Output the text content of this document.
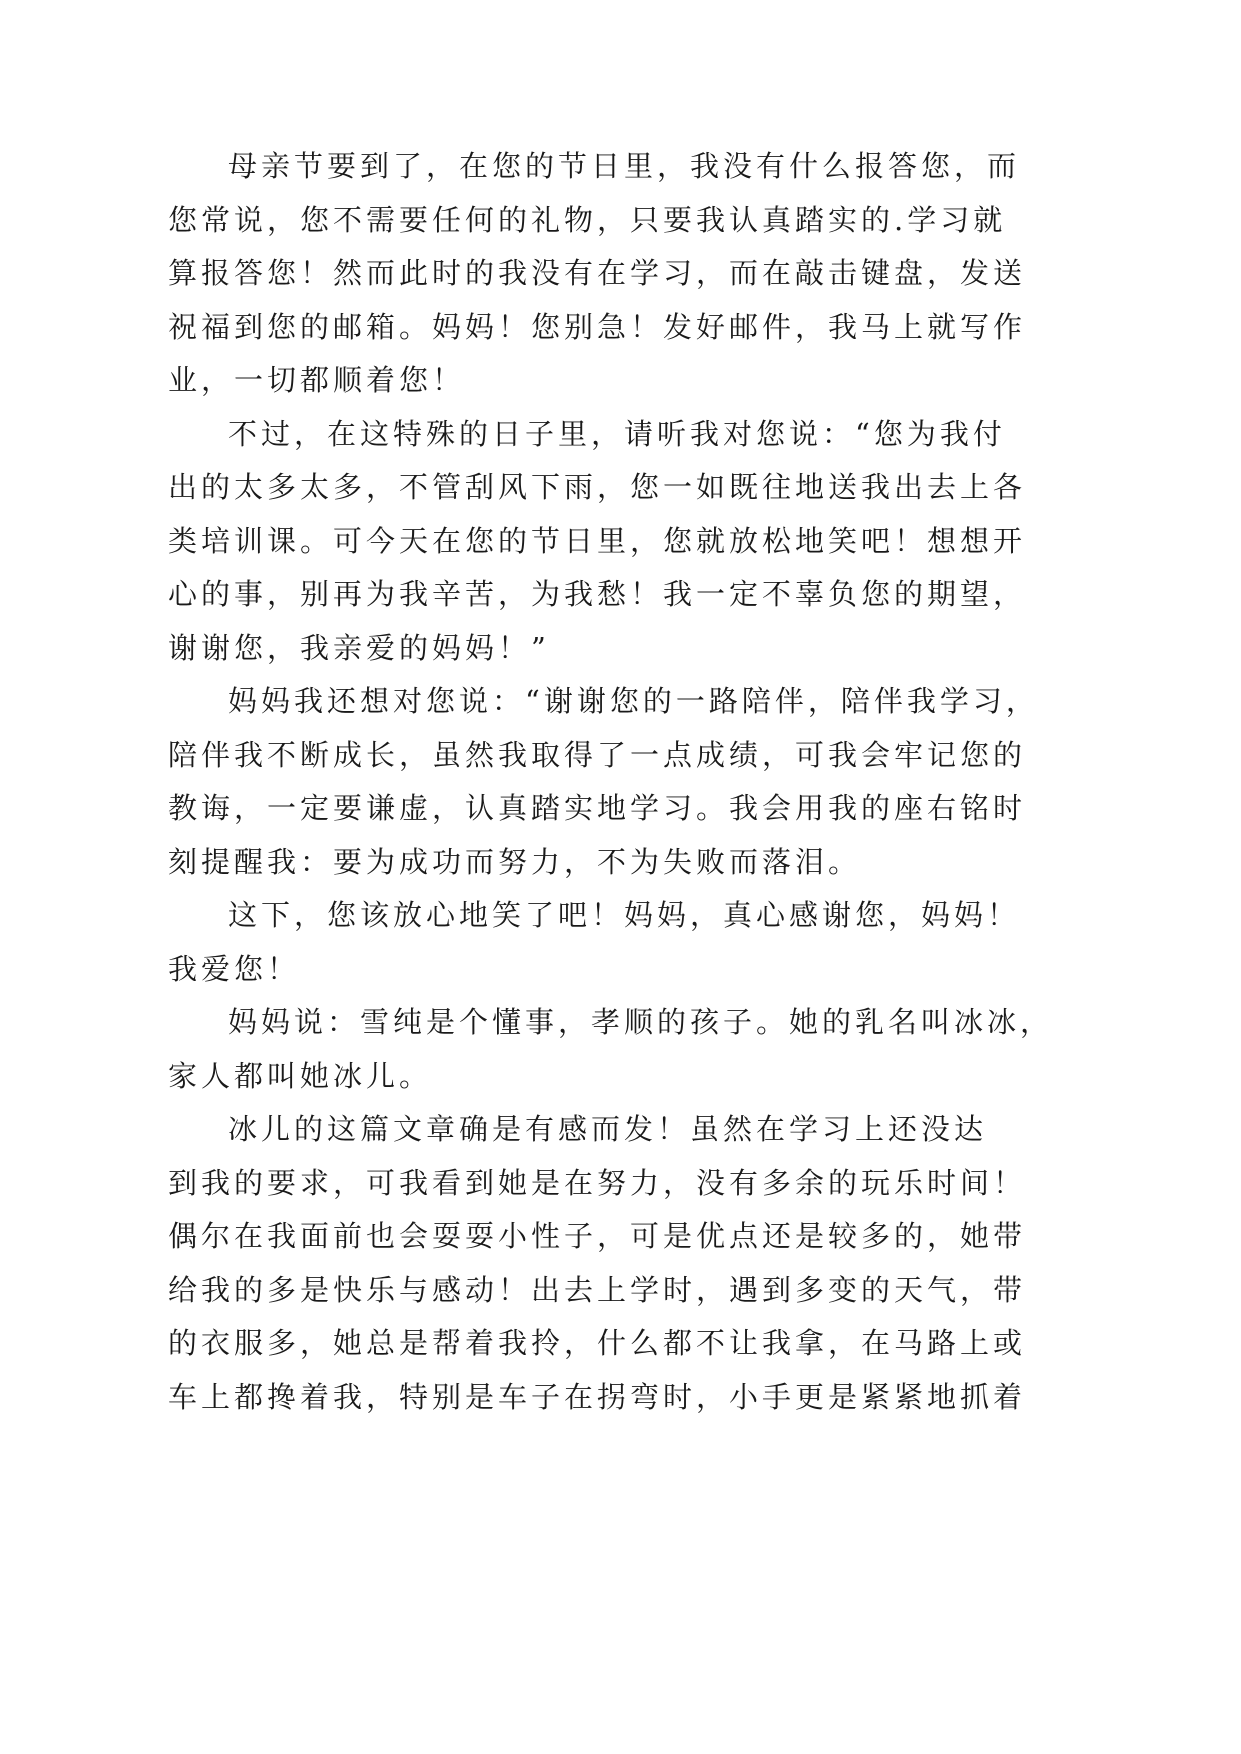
母亲节要到了，在您的节日里，我没有什么报答您，而
您常说，您不需要任何的礼物，只要我认真踏实的.学习就
算报答您！然而此时的我没有在学习，而在敲击键盘，发送
祝福到您的邮箱。妈妈！您别急！发好邮件，我马上就写作
业，一切都顺着您！
不过，在这特殊的日子里，请听我对您说：“您为我付
出的太多太多，不管刮风下雨，您一如既往地送我出去上各
类培训课。可今天在您的节日里，您就放松地笑吧！想想开
心的事，别再为我辛苦，为我愁！我一定不辜负您的期望，
谢谢您，我亲爱的妈妈！”
妈妈我还想对您说：“谢谢您的一路陪伴，陪伴我学习，
陪伴我不断成长，虽然我取得了一点成绩，可我会牢记您的
教诲，一定要谦虚，认真踏实地学习。我会用我的座右铭时
刻提醒我：要为成功而努力，不为失败而落泪。
这下，您该放心地笑了吧！妈妈，真心感谢您，妈妈！
我爱您！
妈妈说：雪纯是个懂事，孝顺的孩子。她的乳名叫冰冰，
家人都叫她冰儿。
冰儿的这篇文章确是有感而发！虽然在学习上还没达
到我的要求，可我看到她是在努力，没有多余的玩乐时间！
偶尔在我面前也会耍耍小性子，可是优点还是较多的，她带
给我的多是快乐与感动！出去上学时，遇到多变的天气，带
的衣服多，她总是帮着我拎，什么都不让我拿，在马路上或
车上都搀着我，特别是车子在拐弯时，小手更是紧紧地抓着
